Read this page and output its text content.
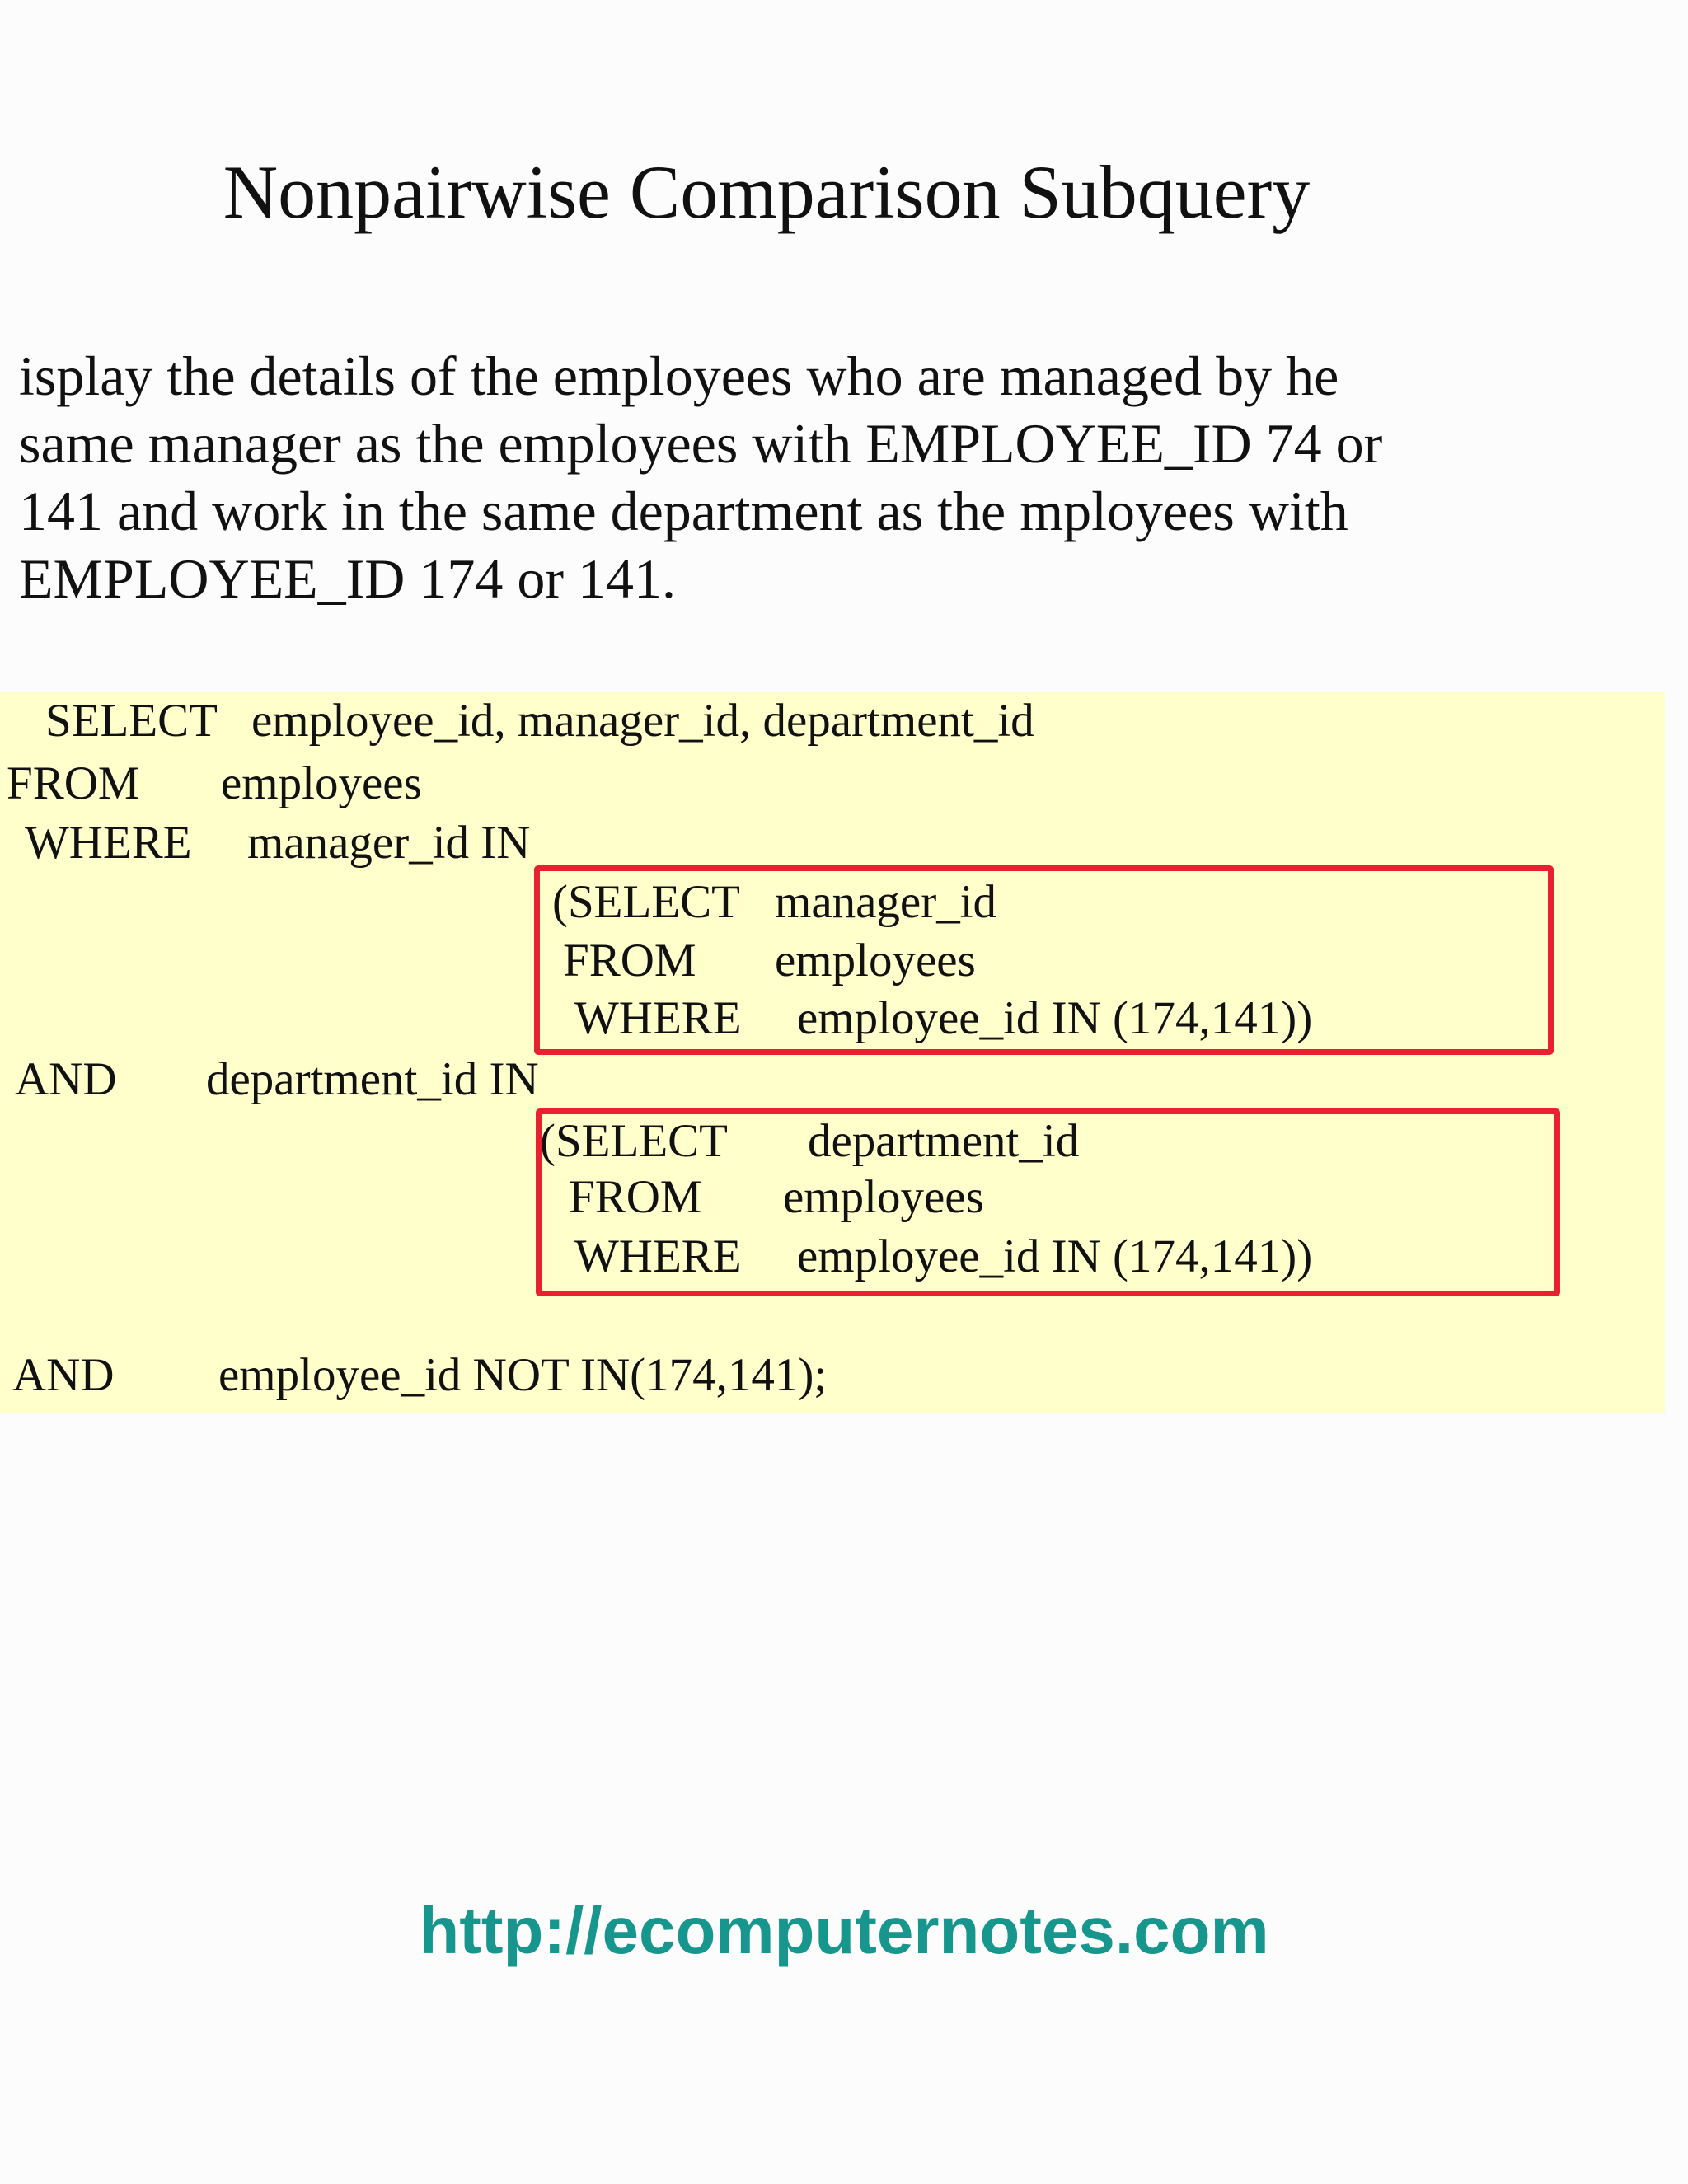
Nonpairwise Comparison Subquery
isplay the details of the employees who are managed by he
same manager as the employees with EMPLOYEE_ID 74 or
141 and work in the same department as the mployees with
EMPLOYEE_ID 174 or 141.
SELECT employee_id, manager_id, department_id
FROM employees
WHERE manager_id IN
(SELECT manager_id
FROM employees
WHERE employee_id IN (174,141))
AND department_id IN
(SELECT department_id
FROM employees
WHERE employee_id IN (174,141))
AND employee_id NOT IN(174,141);
http://ecomputernotes.com
